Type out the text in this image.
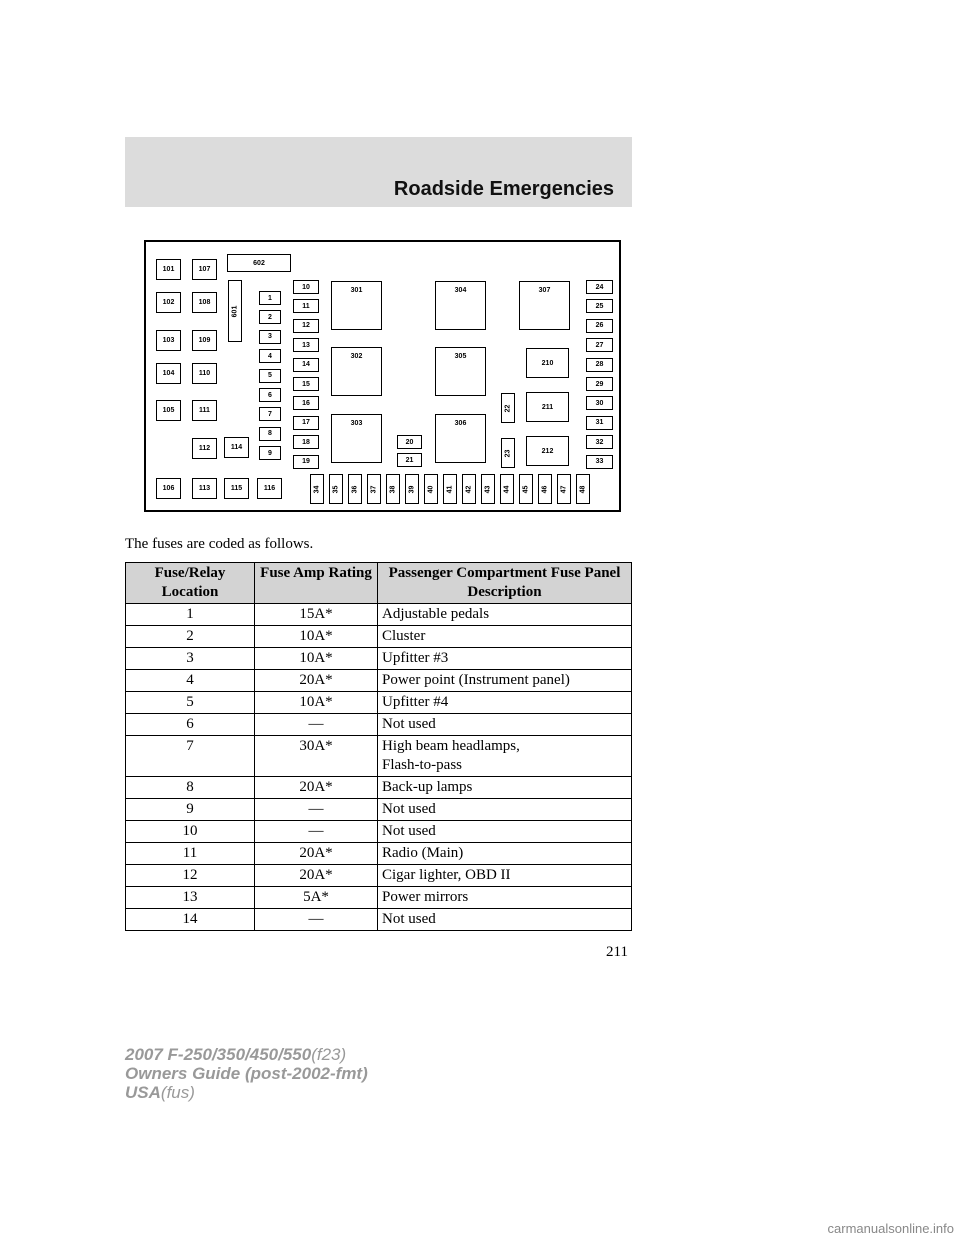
Roadside Emergencies
101
102
103
104
105
106
107
108
109
110
111
113
112	114
115	116
602
601
1
2
3
4
5
6
7
8
9
10
11
12
13
14
15
16
17
18
19
301
302
303
304
305
306
307
20
21
22
23
210
211
212
24
25
26
27
28
29
30
31
32
33
34 35 36 37 38 39 40 41 42 43 44 45 46 47 48
The fuses are coded as follows.
Fuse/Relay Location	Fuse Amp Rating	Passenger Compartment Fuse Panel Description
1	15A*	Adjustable pedals
2	10A*	Cluster
3	10A*	Upfitter #3
4	20A*	Power point (Instrument panel)
5	10A*	Upfitter #4
6	—	Not used
7	30A*	High beam headlamps,
Flash-to-pass

8	20A*	Back-up lamps
9	—	Not used
10	—	Not used
11	20A*	Radio (Main)
12	20A*	Cigar lighter, OBD II
13	5A*	Power mirrors
14	—	Not used
211
2007 F-250/350/450/550(f23)
Owners Guide (post-2002-fmt)
USA(fus)
carmanualsonline.info
